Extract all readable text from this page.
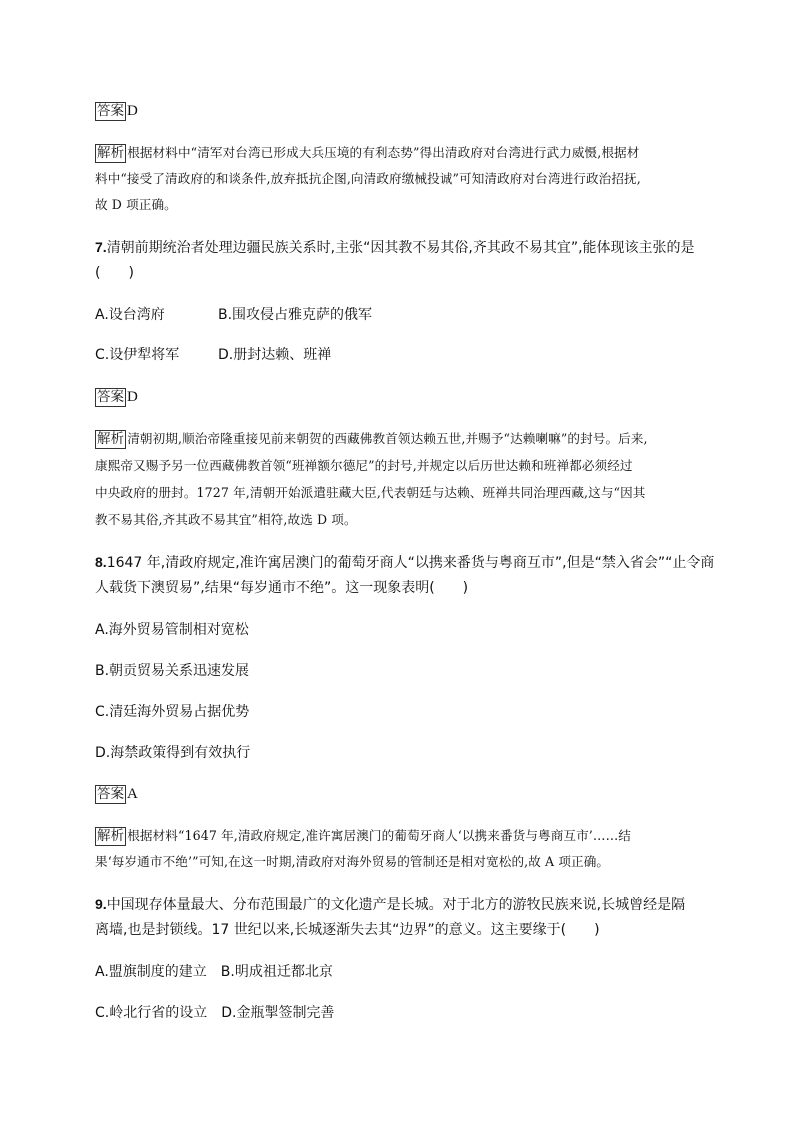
答案 D
解析 根据材料中“清军对台湾已形成大兵压境的有利态势”得出清政府对台湾进行武力威慑,根据材
料中“接受了清政府的和谈条件,放弃抵抗企图,向清政府缴械投诚”可知清政府对台湾进行政治招抚,
故 D 项正确。
7.清朝前期统治者处理边疆民族关系时,主张“因其教不易其俗,齐其政不易其宜”,能体现该主张的是
(　　)
A.设台湾府	B.围攻侵占雅克萨的俄军
C.设伊犁将军	D.册封达赖、班禅
答案 D
解析 清朝初期,顺治帝隆重接见前来朝贺的西藏佛教首领达赖五世,并赐予“达赖喇嘛”的封号。后来,
康熙帝又赐予另一位西藏佛教首领“班禅额尔德尼”的封号,并规定以后历世达赖和班禅都必须经过
中央政府的册封。1727 年,清朝开始派遣驻藏大臣,代表朝廷与达赖、班禅共同治理西藏,这与“因其
教不易其俗,齐其政不易其宜”相符,故选 D 项。
8.1647 年,清政府规定,准许寓居澳门的葡萄牙商人“以携来番货与粤商互市”,但是“禁入省会”“止令商
人载货下澳贸易”,结果“每岁通市不绝”。这一现象表明(　　)
A.海外贸易管制相对宽松
B.朝贡贸易关系迅速发展
C.清廷海外贸易占据优势
D.海禁政策得到有效执行
答案 A
解析 根据材料“1647 年,清政府规定,准许寓居澳门的葡萄牙商人‘以携来番货与粤商互市’……结
果‘每岁通市不绝’”可知,在这一时期,清政府对海外贸易的管制还是相对宽松的,故 A 项正确。
9.中国现存体量最大、分布范围最广的文化遗产是长城。对于北方的游牧民族来说,长城曾经是隔
离墙,也是封锁线。17 世纪以来,长城逐渐失去其“边界”的意义。这主要缘于(　　)
A.盟旗制度的建立　B.明成祖迁都北京
C.岭北行省的设立　D.金瓶掣签制完善
